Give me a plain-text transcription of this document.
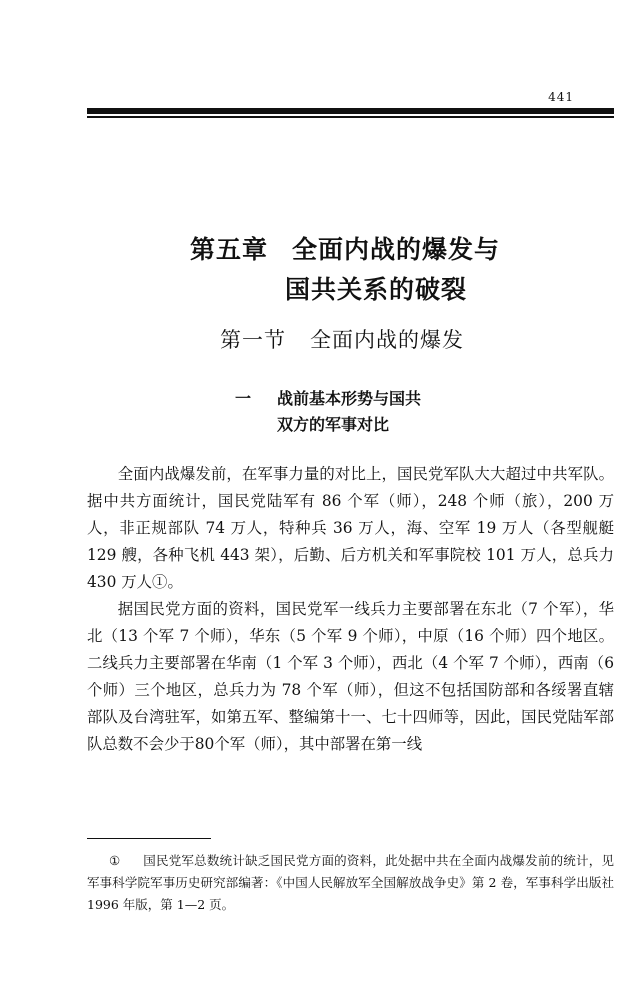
441
第五章 全面内战的爆发与
国共关系的破裂
第一节 全面内战的爆发
一 战前基本形势与国共
双方的军事对比

全面内战爆发前，在军事力量的对比上，国民党军队大大超过中共军队。据中共方面统计，国民党陆军有 86 个军（师），248 个师（旅），200 万人，非正规部队 74 万人，特种兵 36 万人，海、空军 19 万人（各型舰艇 129 艘，各种飞机 443 架），后勤、后方机关和军事院校 101 万人，总兵力 430 万人①。

据国民党方面的资料，国民党军一线兵力主要部署在东北（7 个军），华北（13 个军 7 个师），华东（5 个军 9 个师），中原（16 个师）四个地区。二线兵力主要部署在华南（1 个军 3 个师），西北（4 个军 7 个师），西南（6 个师）三个地区，总兵力为 78 个军（师），但这不包括国防部和各绥署直辖部队及台湾驻军，如第五军、整编第十一、七十四师等，因此，国民党陆军部队总数不会少于80个军（师），其中部署在第一线

① 国民党军总数统计缺乏国民党方面的资料，此处据中共在全面内战爆发前的统计，见军事科学院军事历史研究部编著：《中国人民解放军全国解放战争史》第 2 卷，军事科学出版社 1996 年版，第 1—2 页。
